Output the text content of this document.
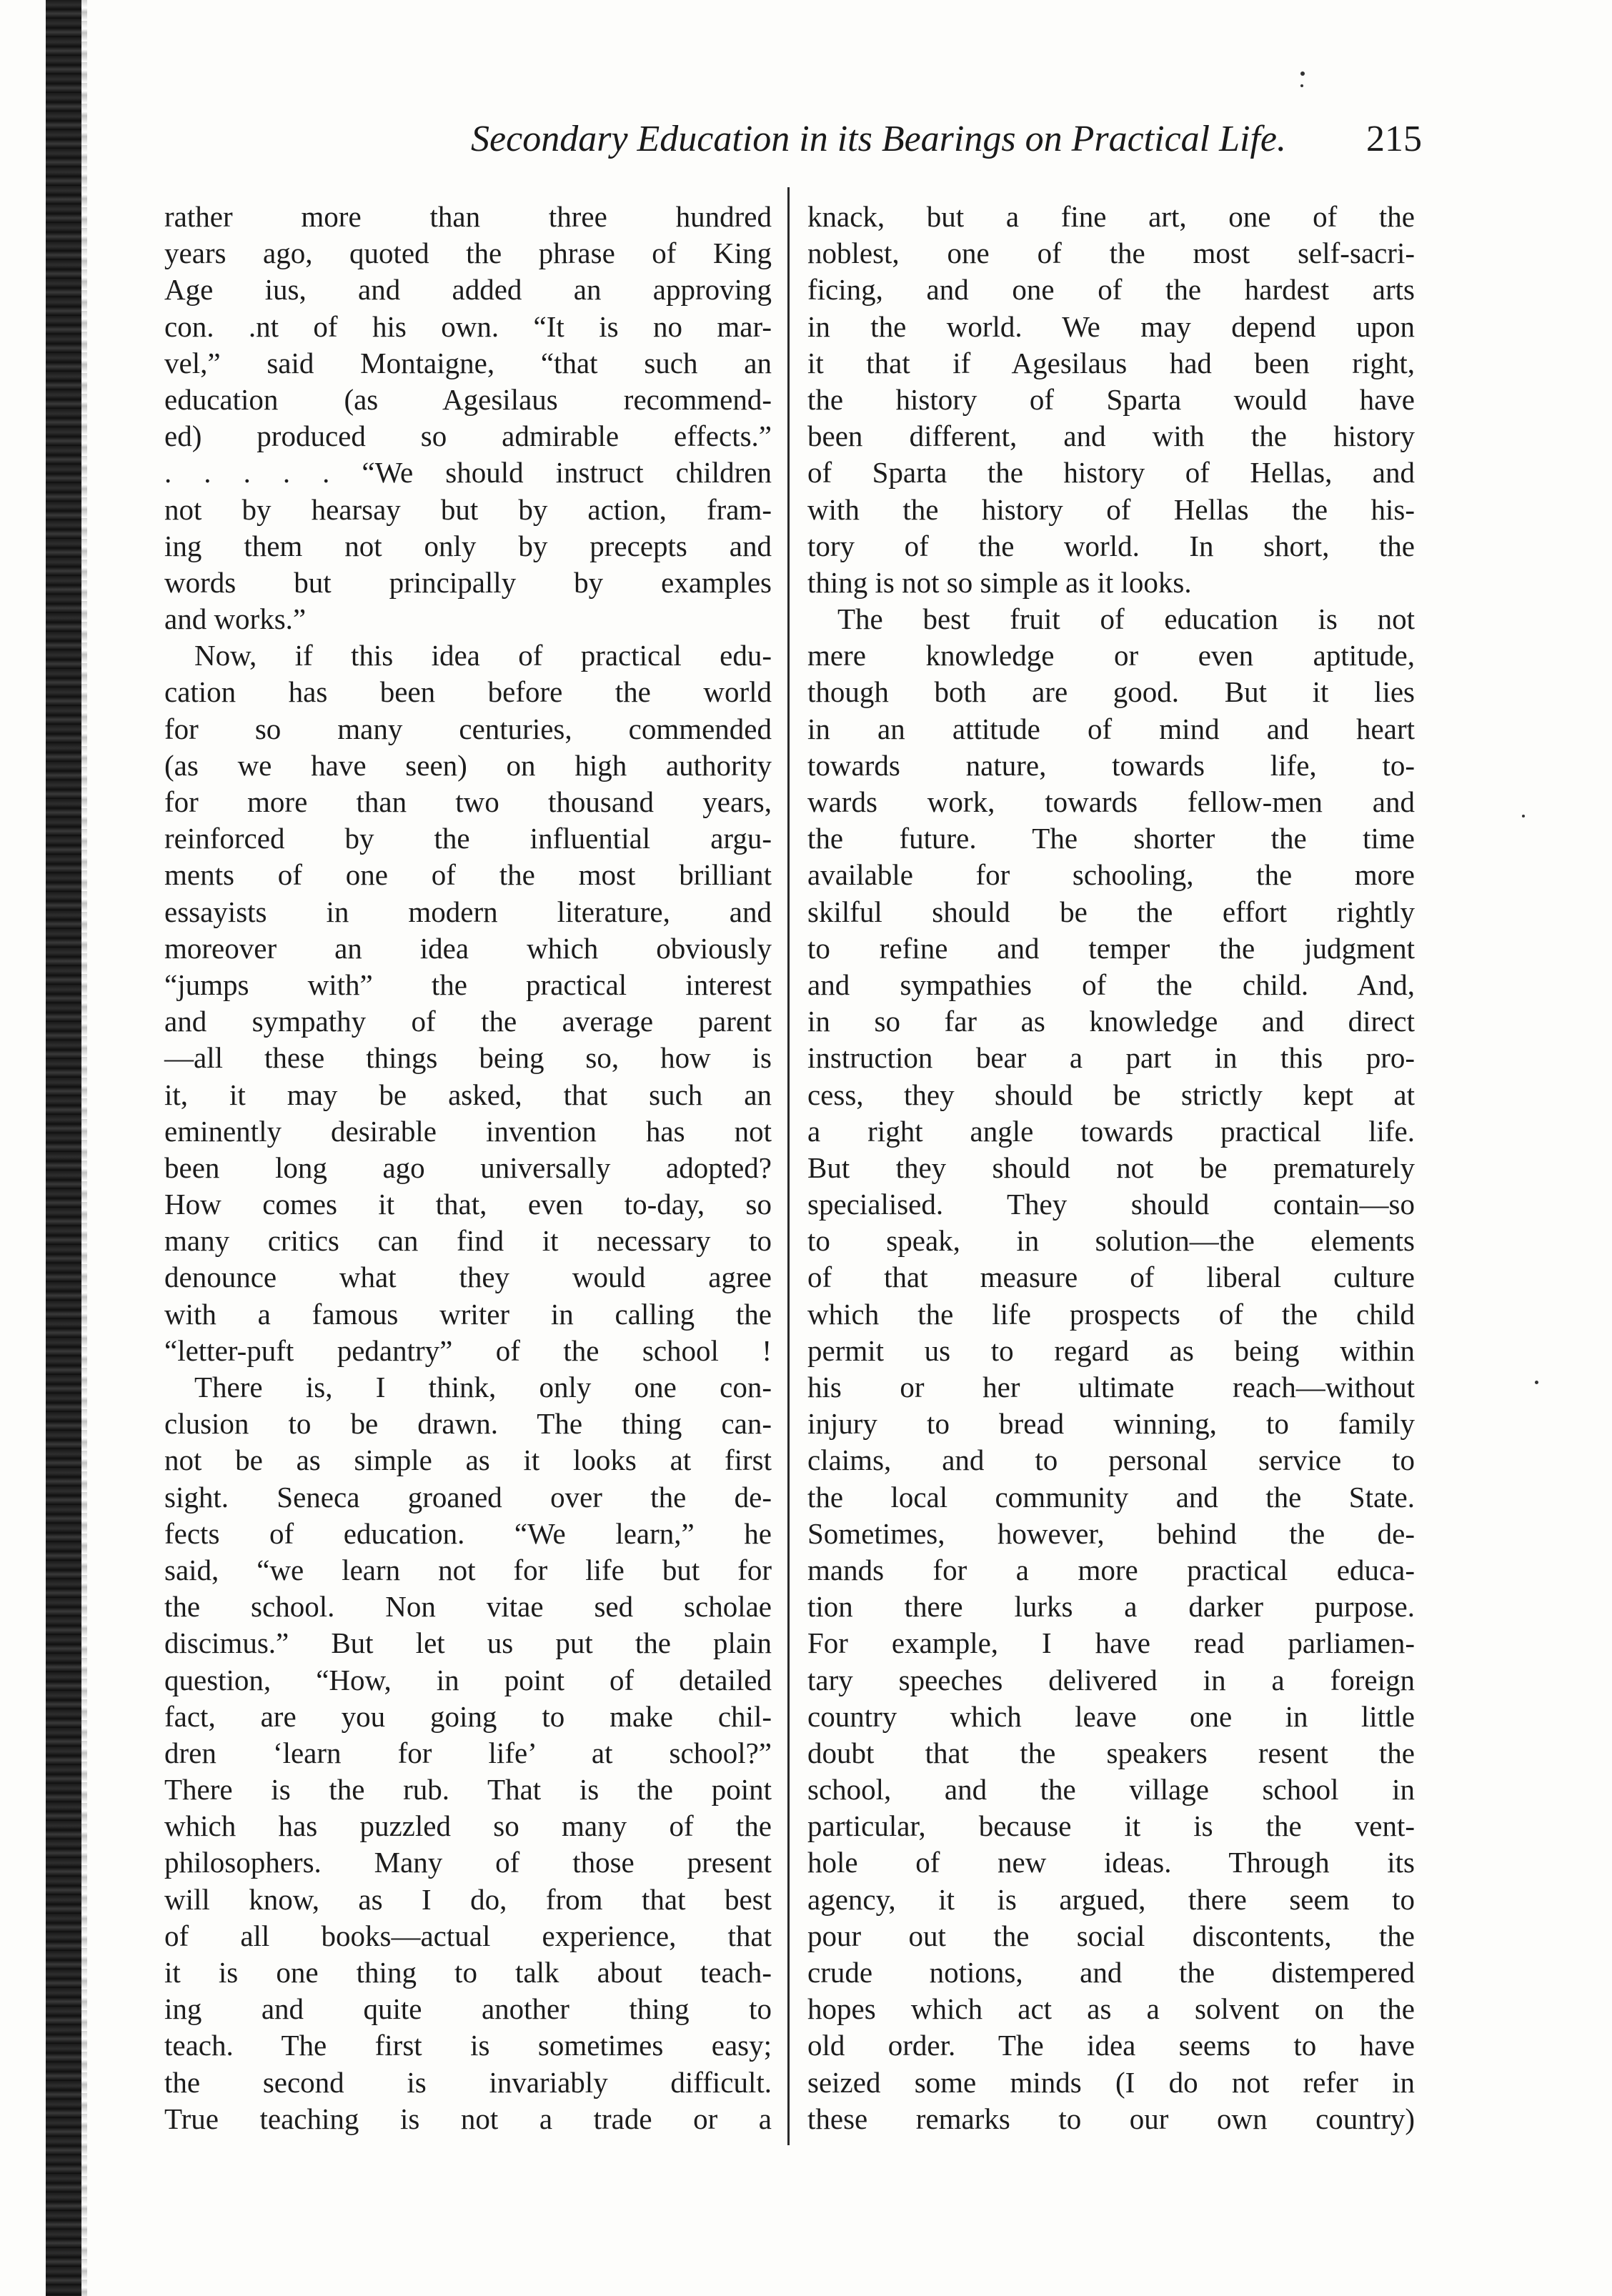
Secondary Education in its Bearings on Practical Life.	215
rather more than three hundred
years ago, quoted the phrase of King
Age ius, and added an approving
con. .nt of his own. “It is no mar-
vel,” said Montaigne, “that such an
education (as Agesilaus recommend-
ed) produced so admirable effects.”
. . . . . “We should instruct children
not by hearsay but by action, fram-
ing them not only by precepts and
words but principally by examples
and works.”
Now, if this idea of practical edu-
cation has been before the world
for so many centuries, commended
(as we have seen) on high authority
for more than two thousand years,
reinforced by the influential argu-
ments of one of the most brilliant
essayists in modern literature, and
moreover an idea which obviously
“jumps with” the practical interest
and sympathy of the average parent
—all these things being so, how is
it, it may be asked, that such an
eminently desirable invention has not
been long ago universally adopted?
How comes it that, even to-day, so
many critics can find it necessary to
denounce what they would agree
with a famous writer in calling the
“letter-puft pedantry” of the school !
There is, I think, only one con-
clusion to be drawn. The thing can-
not be as simple as it looks at first
sight. Seneca groaned over the de-
fects of education. “We learn,” he
said, “we learn not for life but for
the school. Non vitae sed scholae
discimus.” But let us put the plain
question, “How, in point of detailed
fact, are you going to make chil-
dren ‘learn for life’ at school?”
There is the rub. That is the point
which has puzzled so many of the
philosophers. Many of those present
will know, as I do, from that best
of all books—actual experience, that
it is one thing to talk about teach-
ing and quite another thing to
teach. The first is sometimes easy;
the second is invariably difficult.
True teaching is not a trade or a
knack, but a fine art, one of the
noblest, one of the most self-sacri-
ficing, and one of the hardest arts
in the world. We may depend upon
it that if Agesilaus had been right,
the history of Sparta would have
been different, and with the history
of Sparta the history of Hellas, and
with the history of Hellas the his-
tory of the world. In short, the
thing is not so simple as it looks.
The best fruit of education is not
mere knowledge or even aptitude,
though both are good. But it lies
in an attitude of mind and heart
towards nature, towards life, to-
wards work, towards fellow-men and
the future. The shorter the time
available for schooling, the more
skilful should be the effort rightly
to refine and temper the judgment
and sympathies of the child. And,
in so far as knowledge and direct
instruction bear a part in this pro-
cess, they should be strictly kept at
a right angle towards practical life.
But they should not be prematurely
specialised. They should contain—so
to speak, in solution—the elements
of that measure of liberal culture
which the life prospects of the child
permit us to regard as being within
his or her ultimate reach—without
injury to bread winning, to family
claims, and to personal service to
the local community and the State.
Sometimes, however, behind the de-
mands for a more practical educa-
tion there lurks a darker purpose.
For example, I have read parliamen-
tary speeches delivered in a foreign
country which leave one in little
doubt that the speakers resent the
school, and the village school in
particular, because it is the vent-
hole of new ideas. Through its
agency, it is argued, there seem to
pour out the social discontents, the
crude notions, and the distempered
hopes which act as a solvent on the
old order. The idea seems to have
seized some minds (I do not refer in
these remarks to our own country)
